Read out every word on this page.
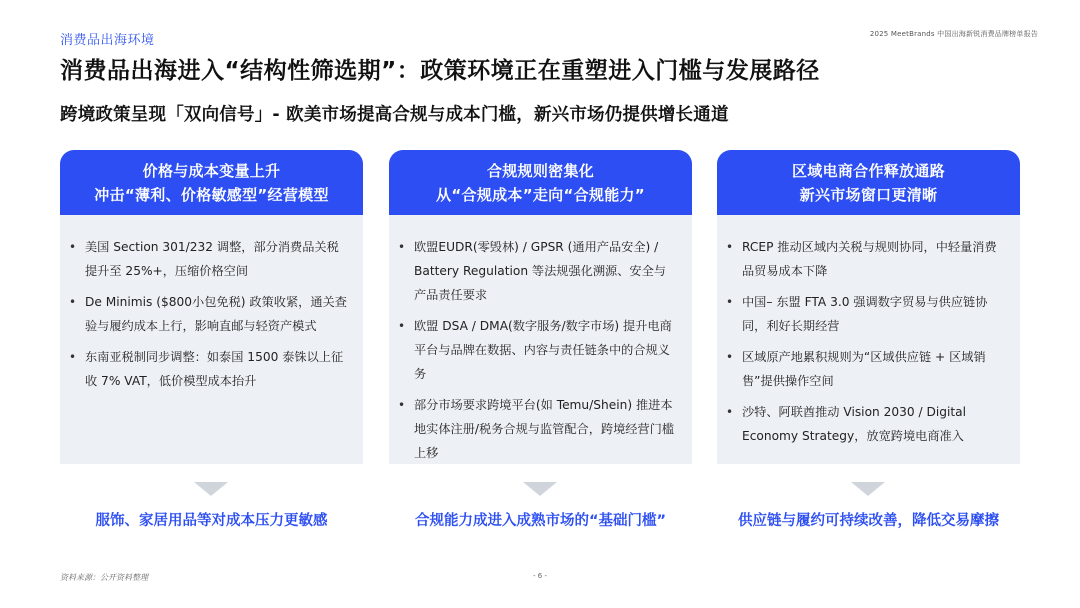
消费品出海环境	2025 MeetBrands 中国出海新锐消费品牌榜单报告
消费品出海进入“结构性筛选期”：政策环境正在重塑进入门槛与发展路径
跨境政策呈现「双向信号」- 欧美市场提高合规与成本门槛，新兴市场仍提供增长通道
价格与成本变量上升
冲击“薄利、价格敏感型”经营模型
• 美国 Section 301/232 调整，部分消费品关税提升至 25%+，压缩价格空间
• De Minimis ($800小包免税) 政策收紧，通关查验与履约成本上行，影响直邮与轻资产模式
• 东南亚税制同步调整：如泰国 1500 泰铢以上征收 7% VAT，低价模型成本抬升
合规规则密集化
从“合规成本”走向“合规能力”
• 欧盟EUDR(零毁林) / GPSR (通用产品安全) / Battery Regulation 等法规强化溯源、安全与产品责任要求
• 欧盟 DSA / DMA(数字服务/数字市场) 提升电商平台与品牌在数据、内容与责任链条中的合规义务
• 部分市场要求跨境平台(如 Temu/Shein) 推进本地实体注册/税务合规与监管配合，跨境经营门槛上移
区域电商合作释放通路
新兴市场窗口更清晰
• RCEP 推动区域内关税与规则协同，中轻量消费品贸易成本下降
• 中国– 东盟 FTA 3.0 强调数字贸易与供应链协同，利好长期经营
• 区域原产地累积规则为“区域供应链 + 区域销售”提供操作空间
• 沙特、阿联酋推动 Vision 2030 / Digital Economy Strategy，放宽跨境电商准入
服饰、家居用品等对成本压力更敏感	合规能力成进入成熟市场的“基础门槛”	供应链与履约可持续改善，降低交易摩擦
资料来源：公开资料整理	- 6 -
